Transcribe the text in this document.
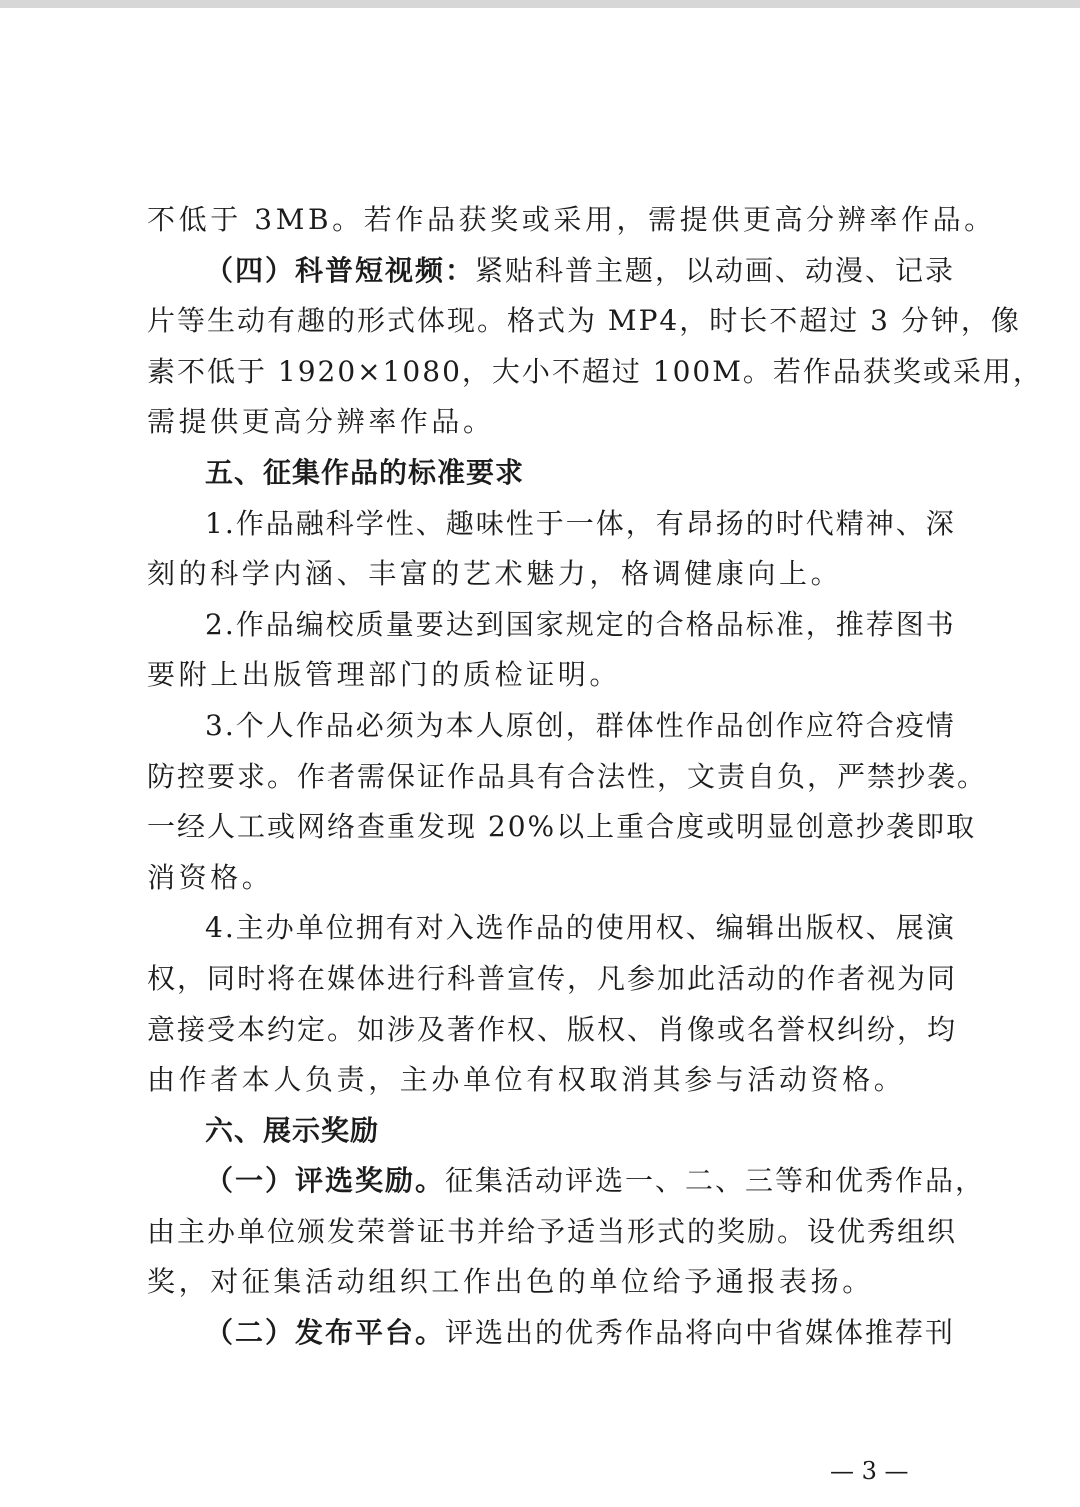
不低于 3MB。若作品获奖或采用，需提供更高分辨率作品。
（四）科普短视频：紧贴科普主题，以动画、动漫、记录
片等生动有趣的形式体现。格式为 MP4，时长不超过 3 分钟，像
素不低于 1920×1080，大小不超过 100M。若作品获奖或采用，
需提供更高分辨率作品。
五、征集作品的标准要求
1.作品融科学性、趣味性于一体，有昂扬的时代精神、深
刻的科学内涵、丰富的艺术魅力，格调健康向上。
2.作品编校质量要达到国家规定的合格品标准，推荐图书
要附上出版管理部门的质检证明。
3.个人作品必须为本人原创，群体性作品创作应符合疫情
防控要求。作者需保证作品具有合法性，文责自负，严禁抄袭。
一经人工或网络查重发现 20%以上重合度或明显创意抄袭即取
消资格。
4.主办单位拥有对入选作品的使用权、编辑出版权、展演
权，同时将在媒体进行科普宣传，凡参加此活动的作者视为同
意接受本约定。如涉及著作权、版权、肖像或名誉权纠纷，均
由作者本人负责，主办单位有权取消其参与活动资格。
六、展示奖励
（一）评选奖励。征集活动评选一、二、三等和优秀作品，
由主办单位颁发荣誉证书并给予适当形式的奖励。设优秀组织
奖，对征集活动组织工作出色的单位给予通报表扬。
（二）发布平台。评选出的优秀作品将向中省媒体推荐刊
— 3 —
